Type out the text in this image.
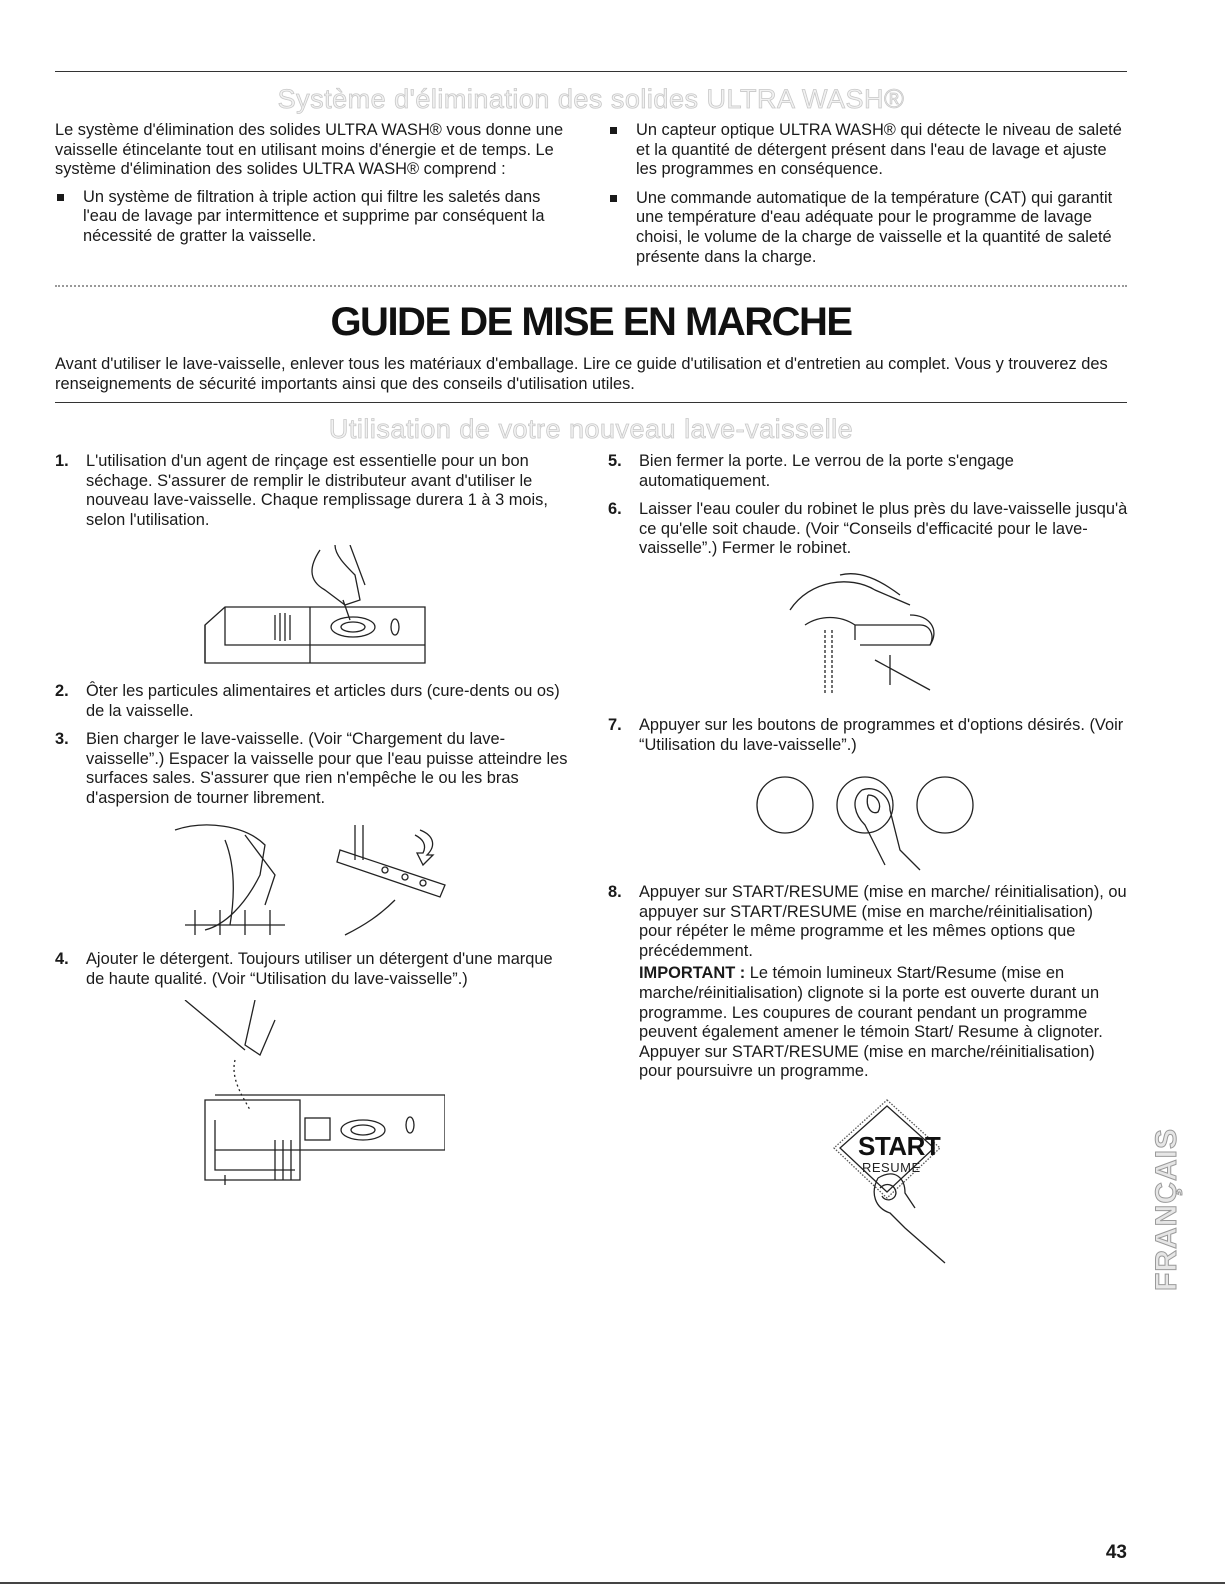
Système d'élimination des solides ULTRA WASH®

Le système d'élimination des solides ULTRA WASH® vous donne une vaisselle étincelante tout en utilisant moins d'énergie et de temps. Le système d'élimination des solides ULTRA WASH® comprend :

Un système de filtration à triple action qui filtre les saletés dans l'eau de lavage par intermittence et supprime par conséquent la nécessité de gratter la vaisselle.
Un capteur optique ULTRA WASH® qui détecte le niveau de saleté et la quantité de détergent présent dans l'eau de lavage et ajuste les programmes en conséquence.
Une commande automatique de la température (CAT) qui garantit une température d'eau adéquate pour le programme de lavage choisi, le volume de la charge de vaisselle et la quantité de saleté présente dans la charge.
GUIDE DE MISE EN MARCHE
Avant d'utiliser le lave-vaisselle, enlever tous les matériaux d'emballage. Lire ce guide d'utilisation et d'entretien au complet. Vous y trouverez des renseignements de sécurité importants ainsi que des conseils d'utilisation utiles.
Utilisation de votre nouveau lave-vaisselle
1. L'utilisation d'un agent de rinçage est essentielle pour un bon séchage. S'assurer de remplir le distributeur avant d'utiliser le nouveau lave-vaisselle. Chaque remplissage durera 1 à 3 mois, selon l'utilisation.
2. Ôter les particules alimentaires et articles durs (cure-dents ou os) de la vaisselle.
3. Bien charger le lave-vaisselle. (Voir “Chargement du lave-vaisselle”.) Espacer la vaisselle pour que l'eau puisse atteindre les surfaces sales. S'assurer que rien n'empêche le ou les bras d'aspersion de tourner librement.
4. Ajouter le détergent. Toujours utiliser un détergent d'une marque de haute qualité. (Voir “Utilisation du lave-vaisselle”.)
5. Bien fermer la porte. Le verrou de la porte s'engage automatiquement.
6. Laisser l'eau couler du robinet le plus près du lave-vaisselle jusqu'à ce qu'elle soit chaude. (Voir “Conseils d'efficacité pour le lave-vaisselle”.) Fermer le robinet.
7. Appuyer sur les boutons de programmes et d'options désirés. (Voir “Utilisation du lave-vaisselle”.)
8. Appuyer sur START/RESUME (mise en marche/ réinitialisation), ou appuyer sur START/RESUME (mise en marche/réinitialisation) pour répéter le même programme et les mêmes options que précédemment.
IMPORTANT : Le témoin lumineux Start/Resume (mise en marche/réinitialisation) clignote si la porte est ouverte durant un programme. Les coupures de courant pendant un programme peuvent également amener le témoin Start/ Resume à clignoter. Appuyer sur START/RESUME (mise en marche/réinitialisation) pour poursuivre un programme.
START
RESUME	FRANÇAIS
43
